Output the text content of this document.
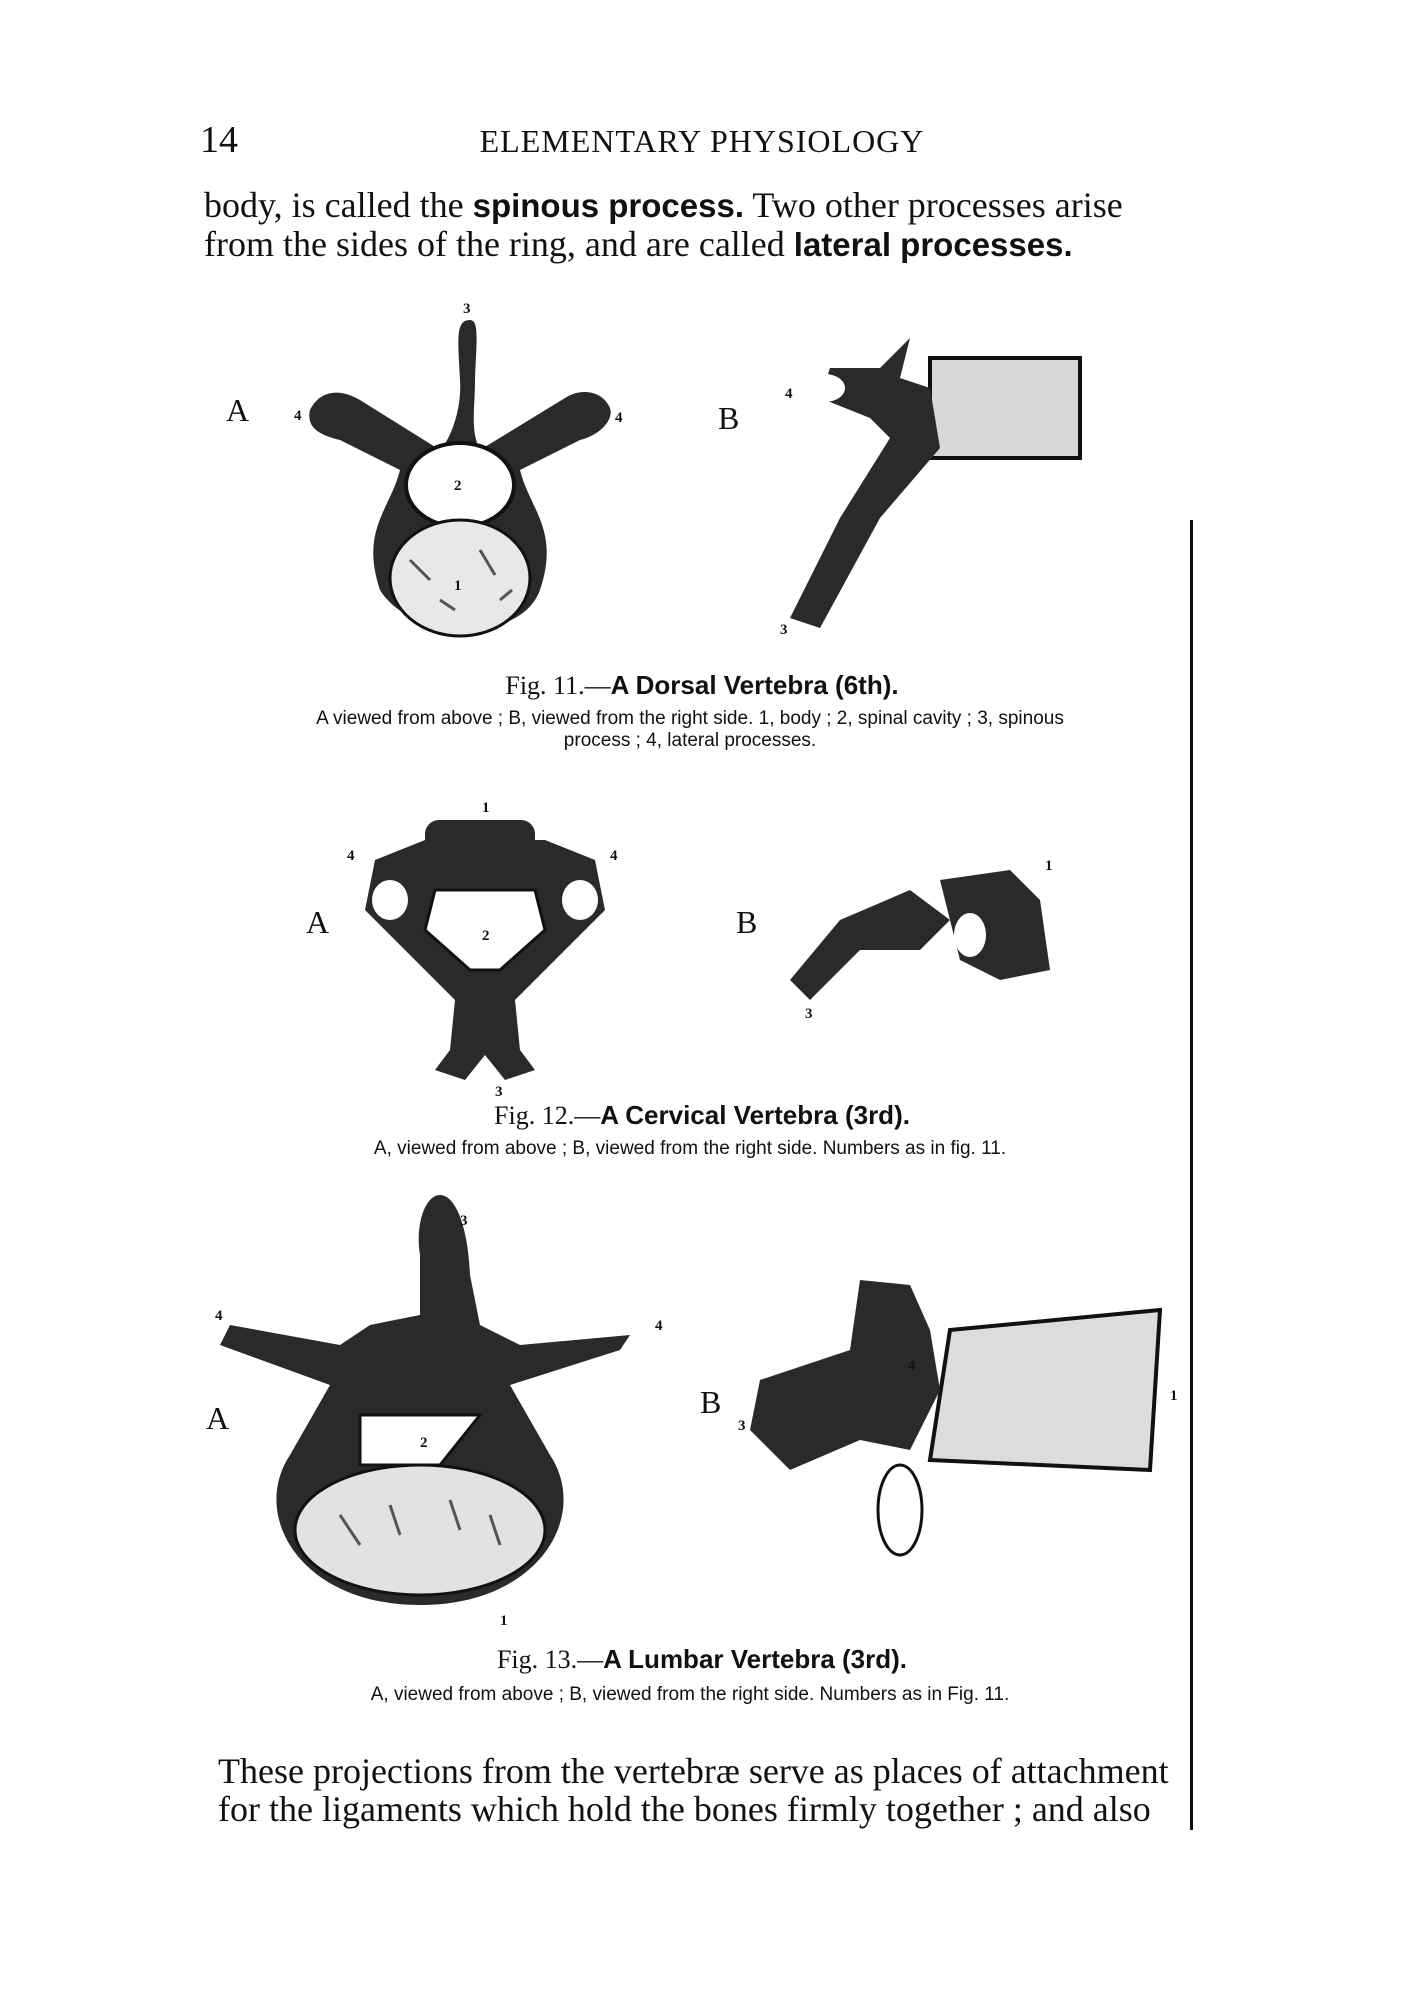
14	ELEMENTARY PHYSIOLOGY
body, is called the spinous process. Two other processes arise
from the sides of the ring, and are called lateral processes.
A
3
2
1
4	4	B
4
3
Fig. 11.—A Dorsal Vertebra (6th).
A viewed from above ; B, viewed from the right side. 1, body ; 2, spinal cavity ; 3, spinous
process ; 4, lateral processes.
A
1
2
4	4
3
B
1
3
Fig. 12.—A Cervical Vertebra (3rd).
A, viewed from above ; B, viewed from the right side. Numbers as in fig. 11.
A
3
2
4
4
1
B	1
3
4
Fig. 13.—A Lumbar Vertebra (3rd).
A, viewed from above ; B, viewed from the right side. Numbers as in Fig. 11.
These projections from the vertebræ serve as places of attachment
for the ligaments which hold the bones firmly together ; and also
